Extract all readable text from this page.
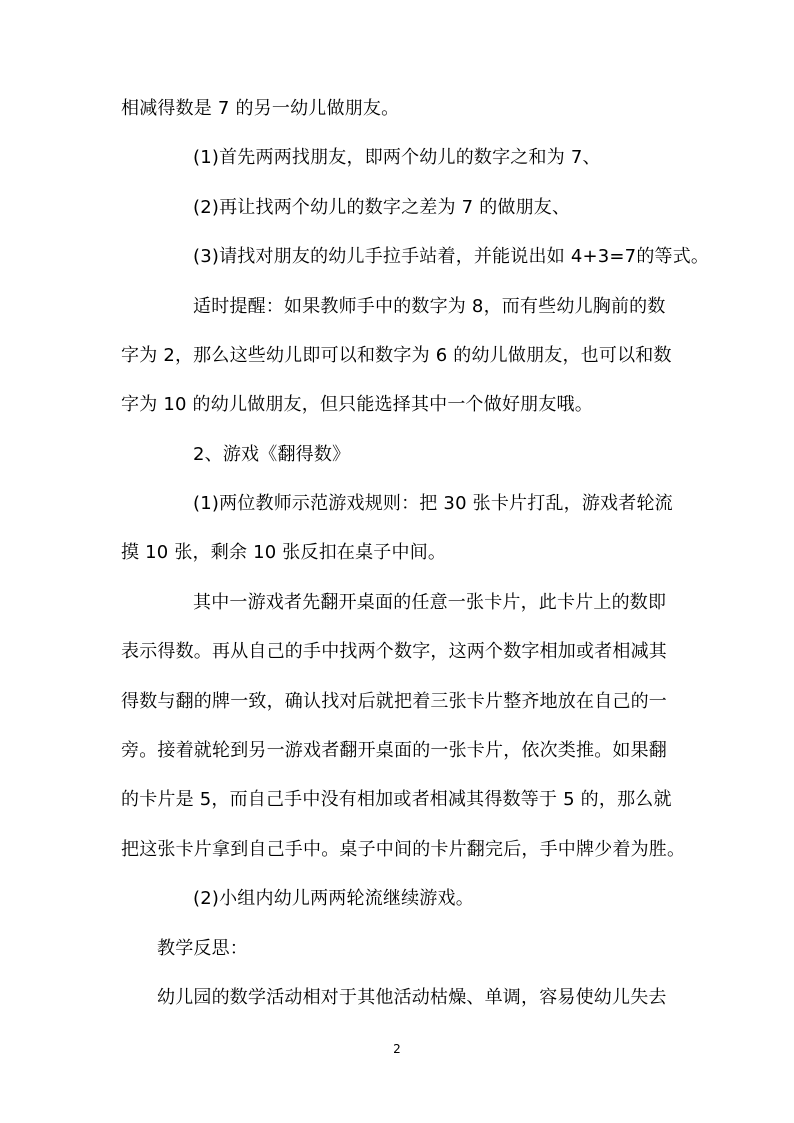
相减得数是 7 的另一幼儿做朋友。
(1)首先两两找朋友，即两个幼儿的数字之和为 7、
(2)再让找两个幼儿的数字之差为 7 的做朋友、
(3)请找对朋友的幼儿手拉手站着，并能说出如 4+3=7的等式。
适时提醒：如果教师手中的数字为 8，而有些幼儿胸前的数
字为 2，那么这些幼儿即可以和数字为 6 的幼儿做朋友，也可以和数
字为 10 的幼儿做朋友，但只能选择其中一个做好朋友哦。
2、游戏《翻得数》
(1)两位教师示范游戏规则：把 30 张卡片打乱，游戏者轮流
摸 10 张，剩余 10 张反扣在桌子中间。
其中一游戏者先翻开桌面的任意一张卡片，此卡片上的数即
表示得数。再从自己的手中找两个数字，这两个数字相加或者相减其
得数与翻的牌一致，确认找对后就把着三张卡片整齐地放在自己的一
旁。接着就轮到另一游戏者翻开桌面的一张卡片，依次类推。如果翻
的卡片是 5，而自己手中没有相加或者相减其得数等于 5 的，那么就
把这张卡片拿到自己手中。桌子中间的卡片翻完后，手中牌少着为胜。
(2)小组内幼儿两两轮流继续游戏。
教学反思：
幼儿园的数学活动相对于其他活动枯燥、单调，容易使幼儿失去
2
